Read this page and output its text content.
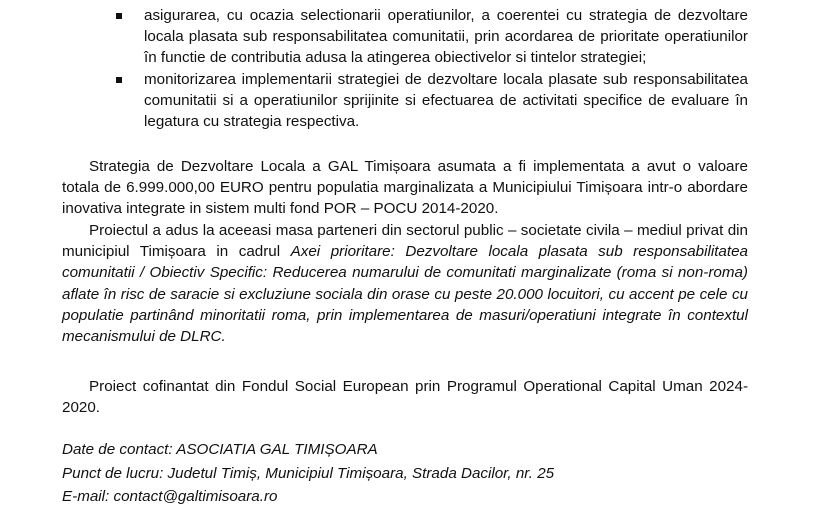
asigurarea, cu ocazia selectionarii operatiunilor, a coerentei cu strategia de dezvoltare locala plasata sub responsabilitatea comunitatii, prin acordarea de prioritate operatiunilor în functie de contributia adusa la atingerea obiectivelor si tintelor strategiei;
monitorizarea implementarii strategiei de dezvoltare locala plasate sub responsabilitatea comunitatii si a operatiunilor sprijinite si efectuarea de activitati specifice de evaluare în legatura cu strategia respectiva.

Strategia de Dezvoltare Locala a GAL Timișoara asumata a fi implementata a avut o valoare totala de 6.999.000,00 EURO pentru populatia marginalizata a Municipiului Timișoara intr-o abordare inovativa integrate in sistem multi fond POR – POCU 2014-2020.

Proiectul a adus la aceeasi masa parteneri din sectorul public – societate civila – mediul privat din municipiul Timișoara in cadrul Axei prioritare: Dezvoltare locala plasata sub responsabilitatea comunitatii / Obiectiv Specific: Reducerea numarului de comunitati marginalizate (roma si non-roma) aflate în risc de saracie si excluziune sociala din orase cu peste 20.000 locuitori, cu accent pe cele cu populatie partinând minoritatii roma, prin implementarea de masuri/operatiuni integrate în contextul mecanismului de DLRC.

Proiect cofinantat din Fondul Social European prin Programul Operational Capital Uman 2024-2020.

Date de contact: ASOCIATIA GAL TIMIȘOARA
Punct de lucru: Judetul Timiș, Municipiul Timișoara, Strada Dacilor, nr. 25
E-mail: contact@galtimisoara.ro
